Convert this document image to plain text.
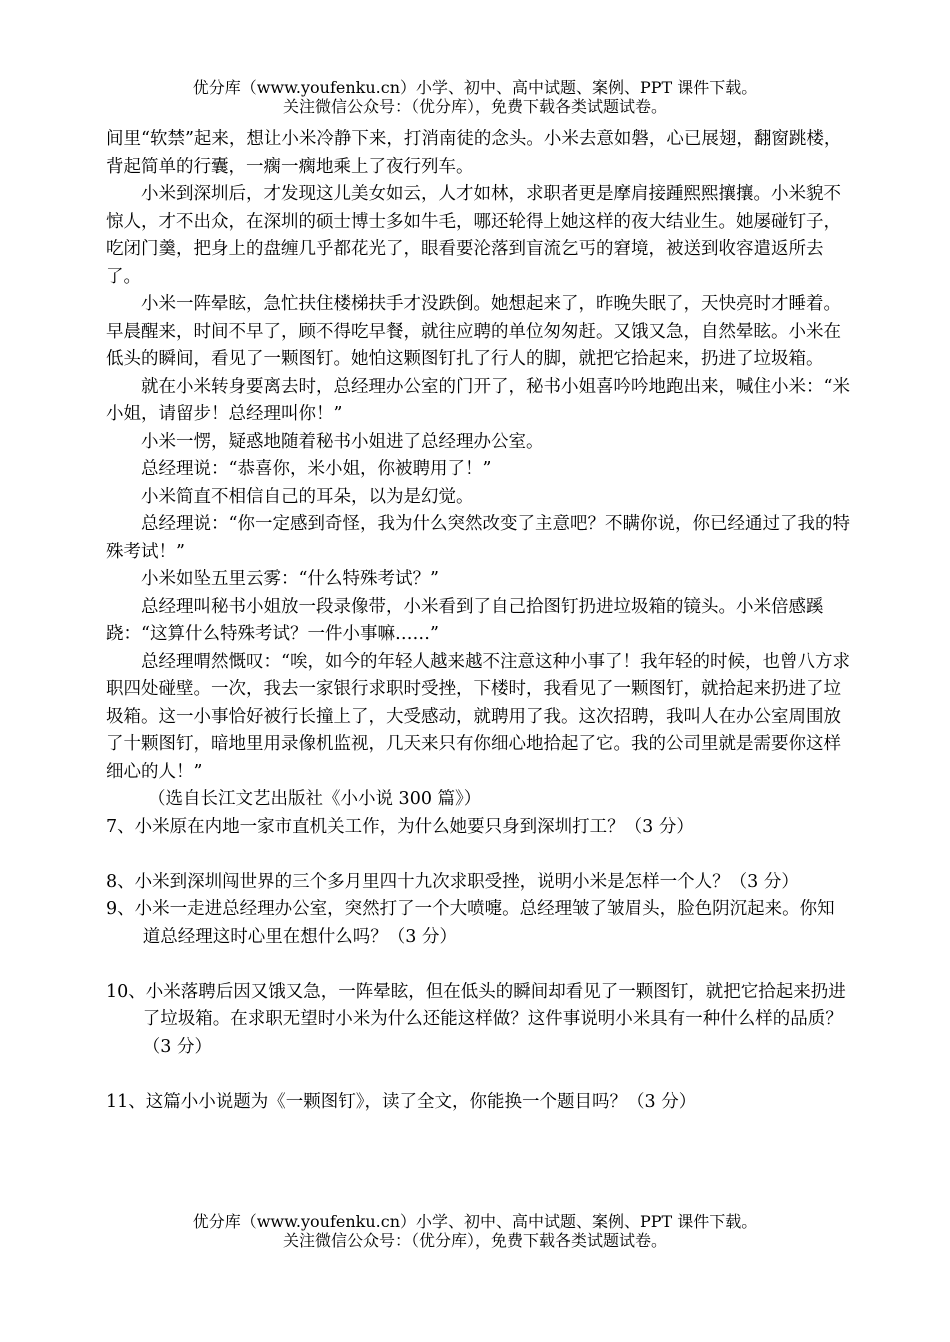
优分库（www.youfenku.cn）小学、初中、高中试题、案例、PPT 课件下载。
关注微信公众号：（优分库），免费下载各类试题试卷。

间里“软禁”起来，想让小米冷静下来，打消南徒的念头。小米去意如磐，心已展翅，翻窗跳楼，背起简单的行囊，一瘸一瘸地乘上了夜行列车。

小米到深圳后，才发现这儿美女如云，人才如林，求职者更是摩肩接踵熙熙攘攘。小米貌不惊人，才不出众，在深圳的硕士博士多如牛毛，哪还轮得上她这样的夜大结业生。她屡碰钉子，吃闭门羹，把身上的盘缠几乎都花光了，眼看要沦落到盲流乞丐的窘境，被送到收容遣返所去了。

小米一阵晕眩，急忙扶住楼梯扶手才没跌倒。她想起来了，昨晚失眠了，天快亮时才睡着。早晨醒来，时间不早了，顾不得吃早餐，就往应聘的单位匆匆赶。又饿又急，自然晕眩。小米在低头的瞬间，看见了一颗图钉。她怕这颗图钉扎了行人的脚，就把它拾起来，扔进了垃圾箱。

就在小米转身要离去时，总经理办公室的门开了，秘书小姐喜吟吟地跑出来，喊住小米：“米小姐，请留步！总经理叫你！”

小米一愣，疑惑地随着秘书小姐进了总经理办公室。

总经理说：“恭喜你，米小姐，你被聘用了！”

小米简直不相信自己的耳朵，以为是幻觉。

总经理说：“你一定感到奇怪，我为什么突然改变了主意吧？不瞒你说，你已经通过了我的特殊考试！”

小米如坠五里云雾：“什么特殊考试？”

总经理叫秘书小姐放一段录像带，小米看到了自己拾图钉扔进垃圾箱的镜头。小米倍感蹊跷：“这算什么特殊考试？一件小事嘛……”

总经理喟然慨叹：“唉，如今的年轻人越来越不注意这种小事了！我年轻的时候，也曾八方求职四处碰壁。一次，我去一家银行求职时受挫，下楼时，我看见了一颗图钉，就拾起来扔进了垃圾箱。这一小事恰好被行长撞上了，大受感动，就聘用了我。这次招聘，我叫人在办公室周围放了十颗图钉，暗地里用录像机监视，几天来只有你细心地拾起了它。我的公司里就是需要你这样细心的人！”

（选自长江文艺出版社《小小说 300 篇》）

7、小米原在内地一家市直机关工作，为什么她要只身到深圳打工？（3 分）

8、小米到深圳闯世界的三个多月里四十九次求职受挫，说明小米是怎样一个人？（3 分）

9、小米一走进总经理办公室，突然打了一个大喷嚏。总经理皱了皱眉头，脸色阴沉起来。你知道总经理这时心里在想什么吗？（3 分）

10、小米落聘后因又饿又急，一阵晕眩，但在低头的瞬间却看见了一颗图钉，就把它拾起来扔进了垃圾箱。在求职无望时小米为什么还能这样做？这件事说明小米具有一种什么样的品质？（3 分）

11、这篇小小说题为《一颗图钉》，读了全文，你能换一个题目吗？（3 分）

优分库（www.youfenku.cn）小学、初中、高中试题、案例、PPT 课件下载。
关注微信公众号：（优分库），免费下载各类试题试卷。
